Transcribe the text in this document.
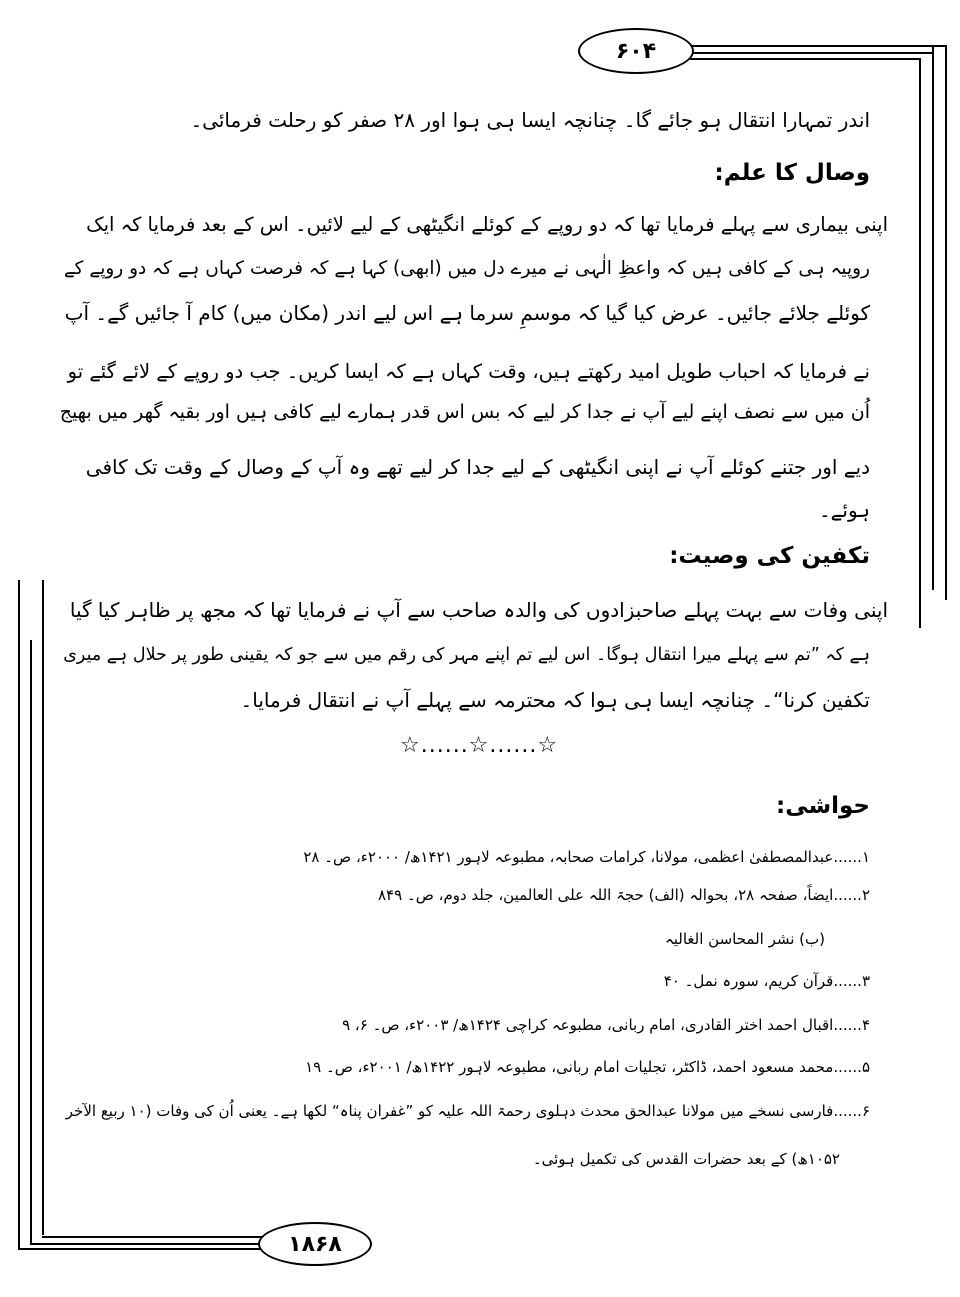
۶۰۴
اندر تمہارا انتقال ہو جائے گا۔ چنانچہ ایسا ہی ہوا اور ۲۸ صفر کو رحلت فرمائی۔
وصال کا علم:
اپنی بیماری سے پہلے فرمایا تھا کہ دو روپے کے کوئلے انگیٹھی کے لیے لائیں۔ اس کے بعد فرمایا کہ ایک
روپیہ ہی کے کافی ہیں کہ واعظِ الٰہی نے میرے دل میں (ابھی) کہا ہے کہ فرصت کہاں ہے کہ دو روپے کے
کوئلے جلائے جائیں۔ عرض کیا گیا کہ موسمِ سرما ہے اس لیے اندر (مکان میں) کام آ جائیں گے۔ آپ
نے فرمایا کہ احباب طویل امید رکھتے ہیں، وقت کہاں ہے کہ ایسا کریں۔ جب دو روپے کے لائے گئے تو
اُن میں سے نصف اپنے لیے آپ نے جدا کر لیے کہ بس اس قدر ہمارے لیے کافی ہیں اور بقیہ گھر میں بھیج
دیے اور جتنے کوئلے آپ نے اپنی انگیٹھی کے لیے جدا کر لیے تھے وہ آپ کے وصال کے وقت تک کافی
ہوئے۔
تکفین کی وصیت:
اپنی وفات سے بہت پہلے صاحبزادوں کی والدہ صاحب سے آپ نے فرمایا تھا کہ مجھ پر ظاہر کیا گیا
ہے کہ ”تم سے پہلے میرا انتقال ہوگا۔ اس لیے تم اپنے مہر کی رقم میں سے جو کہ یقینی طور پر حلال ہے میری
تکفین کرنا“۔ چنانچہ ایسا ہی ہوا کہ محترمہ سے پہلے آپ نے انتقال فرمایا۔
☆......☆......☆
حواشی:
۱......عبدالمصطفیٰ اعظمی، مولانا، کرامات صحابہ، مطبوعہ لاہور ۱۴۲۱ھ/ ۲۰۰۰ء، ص۔ ۲۸
۲......ایضاً، صفحہ ۲۸، بحوالہ (الف) حجۃ اللہ علی العالمین، جلد دوم، ص۔ ۸۴۹
(ب) نشر المحاسن الغالیہ
۳......قرآن کریم، سورہ نمل۔ ۴۰
۴......اقبال احمد اختر القادری، امام ربانی، مطبوعہ کراچی ۱۴۲۴ھ/ ۲۰۰۳ء، ص۔ ۶، ۹
۵......محمد مسعود احمد، ڈاکٹر، تجلیات امام ربانی، مطبوعہ لاہور ۱۴۲۲ھ/ ۲۰۰۱ء، ص۔ ۱۹
۶......فارسی نسخے میں مولانا عبدالحق محدث دہلوی رحمۃ اللہ علیہ کو ”غفران پناہ“ لکھا ہے۔ یعنی اُن کی وفات (۱۰ ربیع الآخر
۱۰۵۲ھ) کے بعد حضرات القدس کی تکمیل ہوئی۔
۱۸۶۸
